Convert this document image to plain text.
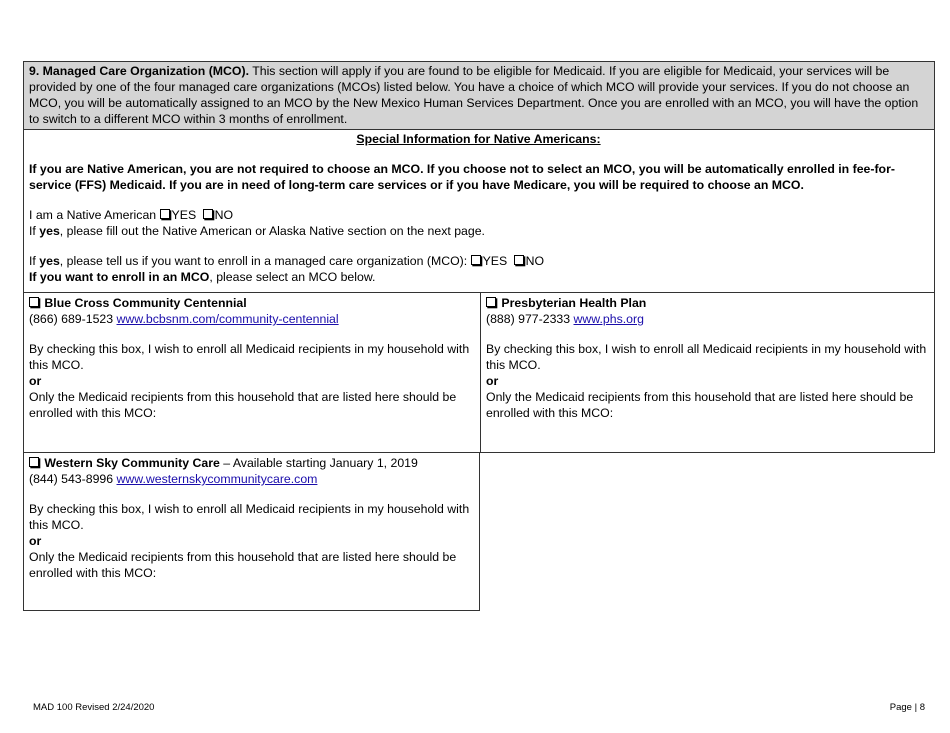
9. Managed Care Organization (MCO). This section will apply if you are found to be eligible for Medicaid. If you are eligible for Medicaid, your services will be provided by one of the four managed care organizations (MCOs) listed below. You have a choice of which MCO will provide your services. If you do not choose an MCO, you will be automatically assigned to an MCO by the New Mexico Human Services Department. Once you are enrolled with an MCO, you will have the option to switch to a different MCO within 3 months of enrollment.
Special Information for Native Americans:
If you are Native American, you are not required to choose an MCO. If you choose not to select an MCO, you will be automatically enrolled in fee-for-service (FFS) Medicaid. If you are in need of long-term care services or if you have Medicare, you will be required to choose an MCO.
I am a Native American YES NO
If yes, please fill out the Native American or Alaska Native section on the next page.
If yes, please tell us if you want to enroll in a managed care organization (MCO): YES NO
If you want to enroll in an MCO, please select an MCO below.
Blue Cross Community Centennial
(866) 689-1523 www.bcbsnm.com/community-centennial
By checking this box, I wish to enroll all Medicaid recipients in my household with this MCO.
or
Only the Medicaid recipients from this household that are listed here should be enrolled with this MCO:
Presbyterian Health Plan
(888) 977-2333 www.phs.org
By checking this box, I wish to enroll all Medicaid recipients in my household with this MCO.
or
Only the Medicaid recipients from this household that are listed here should be enrolled with this MCO:
Western Sky Community Care – Available starting January 1, 2019
(844) 543-8996 www.westernskycommunitycare.com
By checking this box, I wish to enroll all Medicaid recipients in my household with this MCO.
or
Only the Medicaid recipients from this household that are listed here should be enrolled with this MCO:
MAD 100 Revised 2/24/2020	Page | 8
